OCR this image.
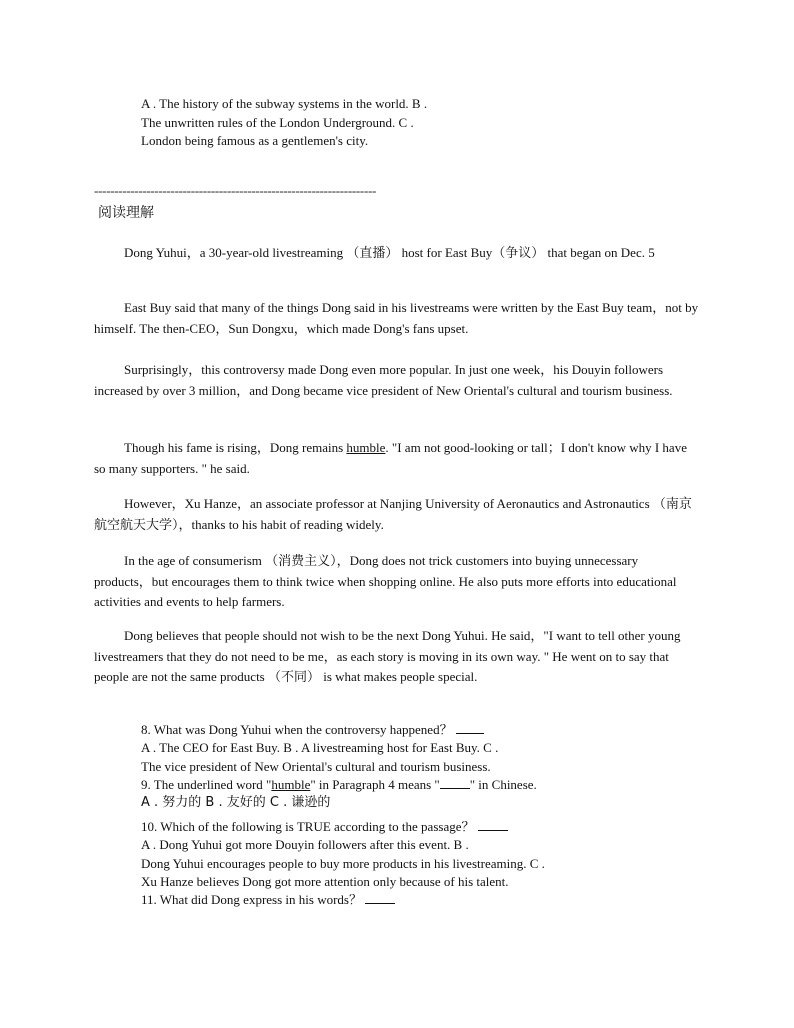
A . The history of the subway systems in the world. B .
The unwritten rules of the London Underground. C .
London being famous as a gentlemen's city.
----------------------------------------------------------------------
阅读理解
Dong Yuhui，a 30-year-old livestreaming （直播） host for East Buy（争议） that began on Dec. 5
East Buy said that many of the things Dong said in his livestreams were written by the East Buy team，not by himself. The then-CEO，Sun Dongxu，which made Dong's fans upset.
Surprisingly，this controversy made Dong even more popular. In just one week，his Douyin followers increased by over 3 million，and Dong became vice president of New Oriental's cultural and tourism business.
Though his fame is rising，Dong remains humble. "I am not good-looking or tall；I don't know why I have so many supporters. " he said.
However，Xu Hanze，an associate professor at Nanjing University of Aeronautics and Astronautics （南京航空航天大学），thanks to his habit of reading widely.
In the age of consumerism （消费主义），Dong does not trick customers into buying unnecessary products，but encourages them to think twice when shopping online. He also puts more efforts into educational activities and events to help farmers.
Dong believes that people should not wish to be the next Dong Yuhui. He said，"I want to tell other young livestreamers that they do not need to be me，as each story is moving in its own way. " He went on to say that people are not the same products （不同） is what makes people special.
8. What was Dong Yuhui when the controversy happened？
A . The CEO for East Buy. B . A livestreaming host for East Buy. C .
The vice president of New Oriental's cultural and tourism business.
9. The underlined word "humble" in Paragraph 4 means " " in Chinese.
A . 努力的 B . 友好的 C . 谦逊的
10. Which of the following is TRUE according to the passage？
A . Dong Yuhui got more Douyin followers after this event. B .
Dong Yuhui encourages people to buy more products in his livestreaming. C .
Xu Hanze believes Dong got more attention only because of his talent.
11. What did Dong express in his words？
